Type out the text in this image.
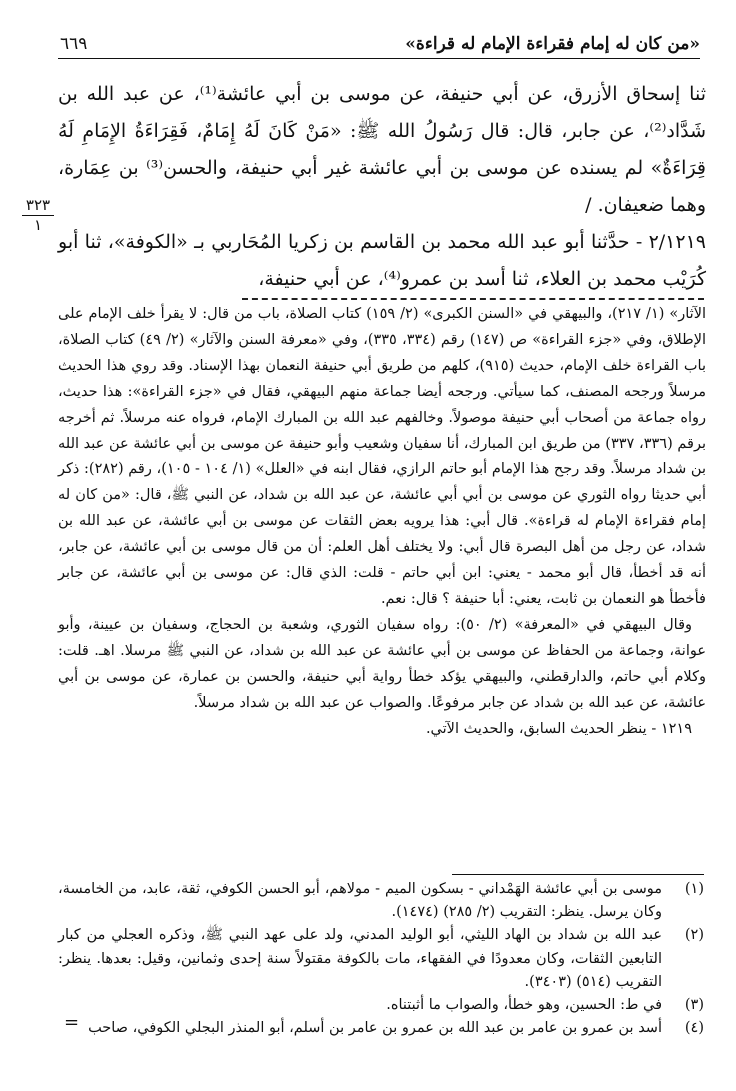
«من كان له إمام فقراءة الإمام له قراءة»
٦٦٩

ثنا إسحاق الأزرق، عن أبي حنيفة، عن موسى بن أبي عائشة⁽¹⁾، عن عبد الله بن شَدَّاد⁽²⁾، عن جابر، قال: قال رَسُولُ الله ﷺ: «مَنْ كَانَ لَهُ إِمَامٌ، فَقِرَاءَةُ الإِمَامِ لَهُ قِرَاءَةٌ» لم يسنده عن موسى بن أبي عائشة غير أبي حنيفة، والحسن⁽³⁾ بن عِمَارة، وهما ضعيفان. /

٢/١٢١٩ - حدَّثنا أبو عبد الله محمد بن القاسم بن زكريا المُحَاربي بـ «الكوفة»، ثنا أبو كُرَيْب محمد بن العلاء، ثنا أسد بن عمرو⁽⁴⁾، عن أبي حنيفة،

٣٢٣
١

الآثار» (١/ ٢١٧)، والبيهقي في «السنن الكبرى» (٢/ ١٥٩) كتاب الصلاة، باب من قال: لا يقرأ خلف الإمام على الإطلاق، وفي «جزء القراءة» ص (١٤٧) رقم (٣٣٤، ٣٣٥)، وفي «معرفة السنن والآثار» (٢/ ٤٩) كتاب الصلاة، باب القراءة خلف الإمام، حديث (٩١٥)، كلهم من طريق أبي حنيفة النعمان بهذا الإسناد. وقد روي هذا الحديث مرسلاً ورجحه المصنف، كما سيأتي. ورجحه أيضا جماعة منهم البيهقي، فقال في «جزء القراءة»: هذا حديث، رواه جماعة من أصحاب أبي حنيفة موصولاً. وخالفهم عبد الله بن المبارك الإمام، فرواه عنه مرسلاً. ثم أخرجه برقم (٣٣٦، ٣٣٧) من طريق ابن المبارك، أنا سفيان وشعيب وأبو حنيفة عن موسى بن أبي عائشة عن عبد الله بن شداد مرسلاً. وقد رجح هذا الإمام أبو حاتم الرازي، فقال ابنه في «العلل» (١/ ١٠٤ - ١٠٥)، رقم (٢٨٢): ذكر أبي حديثا رواه الثوري عن موسى بن أبي أبي عائشة، عن عبد الله بن شداد، عن النبي ﷺ، قال: «من كان له إمام فقراءة الإمام له قراءة». قال أبي: هذا يرويه بعض الثقات عن موسى بن أبي عائشة، عن عبد الله بن شداد، عن رجل من أهل البصرة قال أبي: ولا يختلف أهل العلم: أن من قال موسى بن أبي عائشة، عن جابر، أنه قد أخطأ، قال أبو محمد - يعني: ابن أبي حاتم - قلت: الذي قال: عن موسى بن أبي عائشة، عن جابر فأخطأ هو النعمان بن ثابت، يعني: أبا حنيفة ؟ قال: نعم.

وقال البيهقي في «المعرفة» (٢/ ٥٠): رواه سفيان الثوري، وشعبة بن الحجاج، وسفيان بن عيينة، وأبو عوانة، وجماعة من الحفاظ عن موسى بن أبي عائشة عن عبد الله بن شداد، عن النبي ﷺ مرسلا. اهـ. قلت: وكلام أبي حاتم، والدارقطني، والبيهقي يؤكد خطأ رواية أبي حنيفة، والحسن بن عمارة، عن موسى بن أبي عائشة، عن عبد الله بن شداد عن جابر مرفوعًا. والصواب عن عبد الله بن شداد مرسلاً.

١٢١٩ - ينظر الحديث السابق، والحديث الآتي.

(١)
موسى بن أبي عائشة الهَمْداني - بسكون الميم - مولاهم، أبو الحسن الكوفي، ثقة، عابد، من الخامسة، وكان يرسل. ينظر: التقريب (٢/ ٢٨٥) (١٤٧٤).
(٢)
عبد الله بن شداد بن الهاد الليثي، أبو الوليد المدني، ولد على عهد النبي ﷺ، وذكره العجلي من كبار التابعين الثقات، وكان معدودًا في الفقهاء، مات بالكوفة مقتولاً سنة إحدى وثمانين، وقيل: بعدها. ينظر: التقريب (٥١٤) (٣٤٠٣).
(٣)
في ط: الحسين، وهو خطأ، والصواب ما أثبتناه.
(٤)
أسد بن عمرو بن عامر بن عبد الله بن عمرو بن عامر بن أسلم، أبو المنذر البجلي الكوفي، صاحب
=
